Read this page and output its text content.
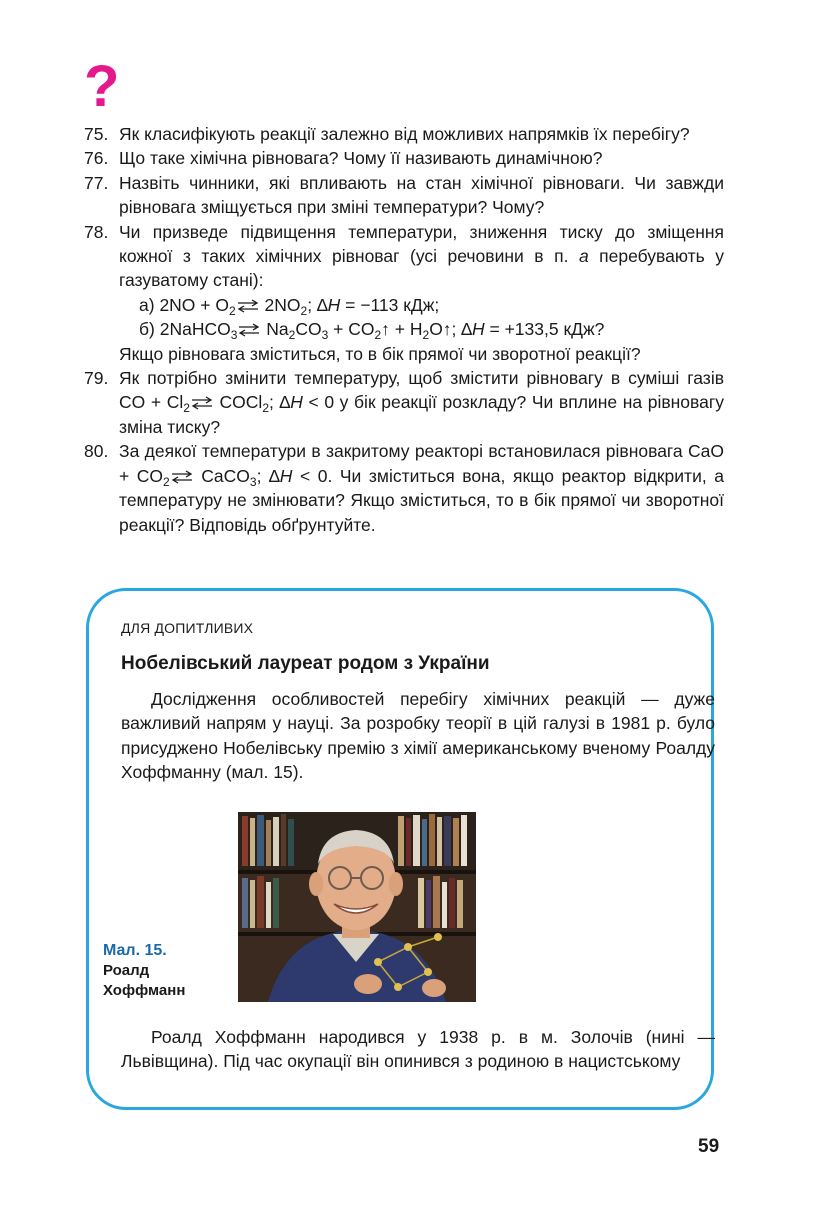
?
75. Як класифікують реакції залежно від можливих напрямків їх перебігу?
76. Що таке хімічна рівновага? Чому її називають динамічною?
77. Назвіть чинники, які впливають на стан хімічної рівноваги. Чи завжди рівновага зміщується при зміні температури? Чому?
78. Чи призведе підвищення температури, зниження тиску до зміщення кожної з таких хімічних рівноваг (усі речовини в п. а перебувають у газуватому стані):
а) $2NO + O_2\rightleftharpoons$ $2NO_2$; ∆H = −113 кДж;
б) 2NaHCO$_3$⇌ $Na_2CO_3$ + $CO_2↑$ + $H_2O↑$; ∆H = +133,5 кДж?
Якщо рівновага зміститься, то в бік прямої чи зворотної реакції?
79. Як потрібно змінити температуру, щоб змістити рівновагу в суміші газів CO + $Cl_2\rightleftharpoons$ COCl$_2$; ∆H < 0 у бік реакції розкладу? Чи вплине на рівновагу зміна тиску?
80. За деякої температури в закритому реакторі встановилася рівновага CaO + $CO_2\rightleftharpoons$ CaCO$_3$; ∆H < 0. Чи зміститься вона, якщо реактор відкрити, а температуру не змінювати? Якщо зміститься, то в бік прямої чи зворотної реакції? Відповідь обґрунтуйте.
ДЛЯ ДОПИТЛИВИХ
Нобелівський лауреат родом з України
Дослідження особливостей перебігу хімічних реакцій — дуже важливий напрям у науці. За розробку теорії в цій галузі в 1981 р. було присуджено Нобелівську премію з хімії американському вченому Роалду Хоффманну (мал. 15).
Мал. 15.
Роалд
Хоффманн
Роалд Хоффманн народився у 1938 р. в м. Золочів (нині — Львівщина). Під час окупації він опинився з родиною в нацистському
59
